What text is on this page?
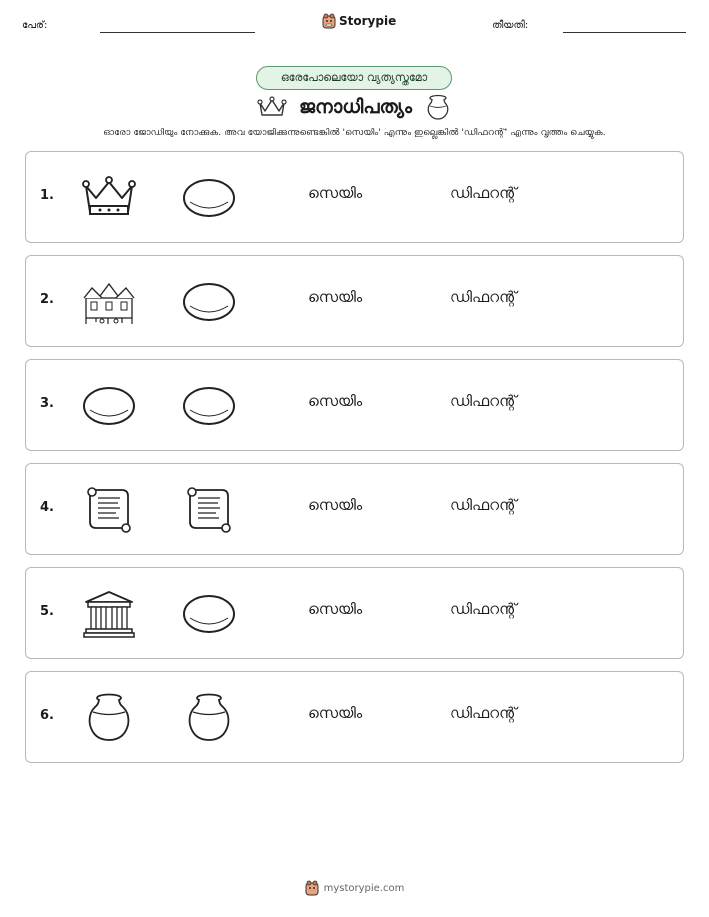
പേര്:	Storypie	തീയതി:
ഒരേപോലെയോ വ്യത്യസ്തമോ
ജനാധിപത്യം
ഓരോ ജോഡിയും നോക്കുക. അവ യോജിക്കുന്നുണ്ടെങ്കിൽ 'സെയിം' എന്നും ഇല്ലെങ്കിൽ 'ഡിഫറന്റ്' എന്നും വൃത്തം ചെയ്യുക.
1.	സെയിം	ഡിഫറന്റ്
2.	സെയിം	ഡിഫറന്റ്
3.	സെയിം	ഡിഫറന്റ്
4.	സെയിം	ഡിഫറന്റ്
5.	സെയിം	ഡിഫറന്റ്
6.	സെയിം	ഡിഫറന്റ്
mystorypie.com
